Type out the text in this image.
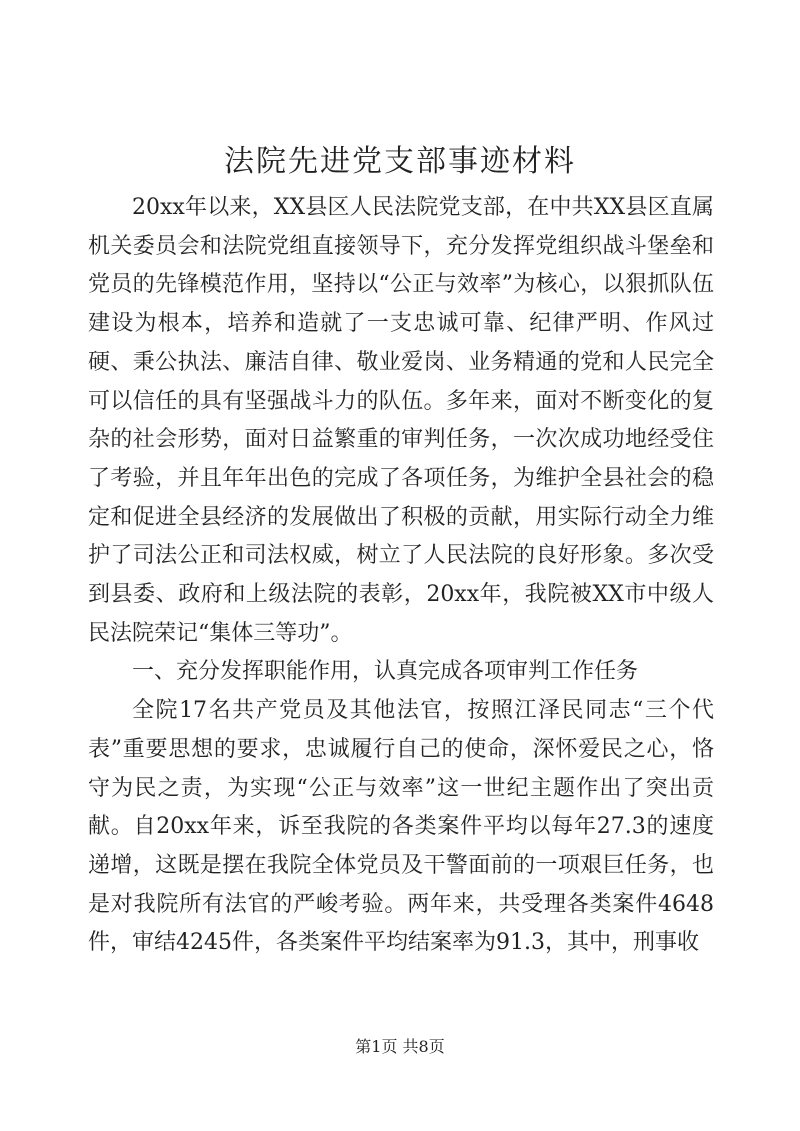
法院先进党支部事迹材料

20xx年以来，XX县区人民法院党支部，在中共XX县区直属机关委员会和法院党组直接领导下，充分发挥党组织战斗堡垒和党员的先锋模范作用，坚持以“公正与效率”为核心，以狠抓队伍建设为根本，培养和造就了一支忠诚可靠、纪律严明、作风过硬、秉公执法、廉洁自律、敬业爱岗、业务精通的党和人民完全可以信任的具有坚强战斗力的队伍。多年来，面对不断变化的复杂的社会形势，面对日益繁重的审判任务，一次次成功地经受住了考验，并且年年出色的完成了各项任务，为维护全县社会的稳定和促进全县经济的发展做出了积极的贡献，用实际行动全力维护了司法公正和司法权威，树立了人民法院的良好形象。多次受到县委、政府和上级法院的表彰，20xx年，我院被XX市中级人民法院荣记“集体三等功”。

一、充分发挥职能作用，认真完成各项审判工作任务

全院17名共产党员及其他法官，按照江泽民同志“三个代表”重要思想的要求，忠诚履行自己的使命，深怀爱民之心，恪守为民之责，为实现“公正与效率”这一世纪主题作出了突出贡献。自20xx年来，诉至我院的各类案件平均以每年27.3的速度递增，这既是摆在我院全体党员及干警面前的一项艰巨任务，也是对我院所有法官的严峻考验。两年来，共受理各类案件4648件，审结4245件，各类案件平均结案率为91.3，其中，刑事收

第1页 共8页
